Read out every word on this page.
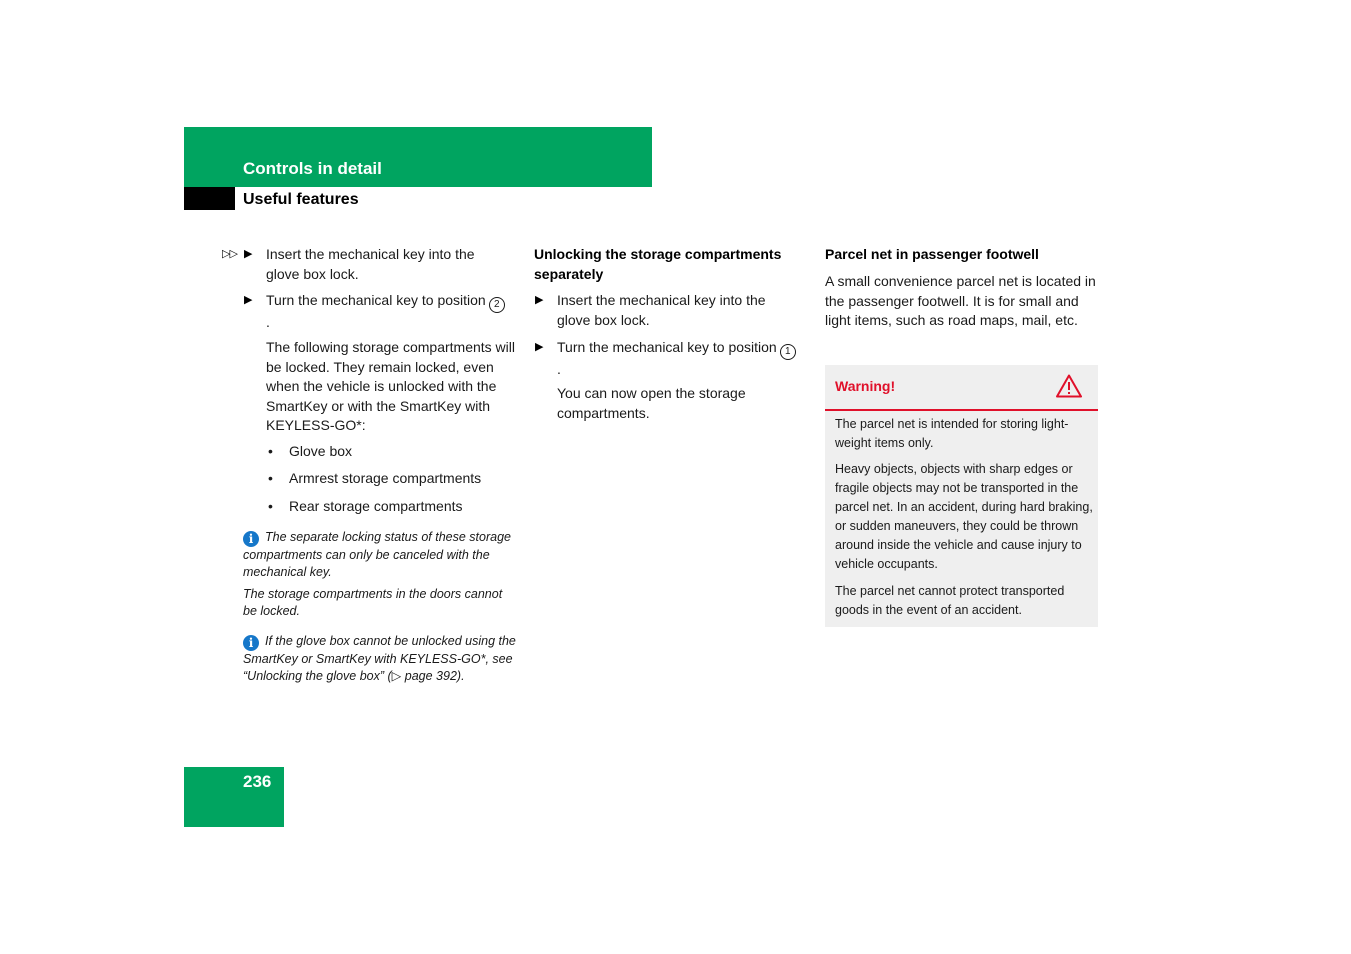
Controls in detail
Useful features
▷▷ ▶ Insert the mechanical key into the glove box lock.
▶ Turn the mechanical key to position 2.
The following storage compartments will be locked. They remain locked, even when the vehicle is unlocked with the SmartKey or with the SmartKey with KEYLESS-GO*:
• Glove box
• Armrest storage compartments
• Rear storage compartments
i The separate locking status of these storage compartments can only be canceled with the mechanical key.
The storage compartments in the doors cannot be locked.
i If the glove box cannot be unlocked using the SmartKey or SmartKey with KEYLESS-GO*, see “Unlocking the glove box” (▷ page 392).
Unlocking the storage compartments separately
▶ Insert the mechanical key into the glove box lock.
▶ Turn the mechanical key to position 1.
You can now open the storage compartments.
Parcel net in passenger footwell
A small convenience parcel net is located in the passenger footwell. It is for small and light items, such as road maps, mail, etc.
Warning!
The parcel net is intended for storing light-weight items only.
Heavy objects, objects with sharp edges or fragile objects may not be transported in the parcel net. In an accident, during hard braking, or sudden maneuvers, they could be thrown around inside the vehicle and cause injury to vehicle occupants.
The parcel net cannot protect transported goods in the event of an accident.
236
